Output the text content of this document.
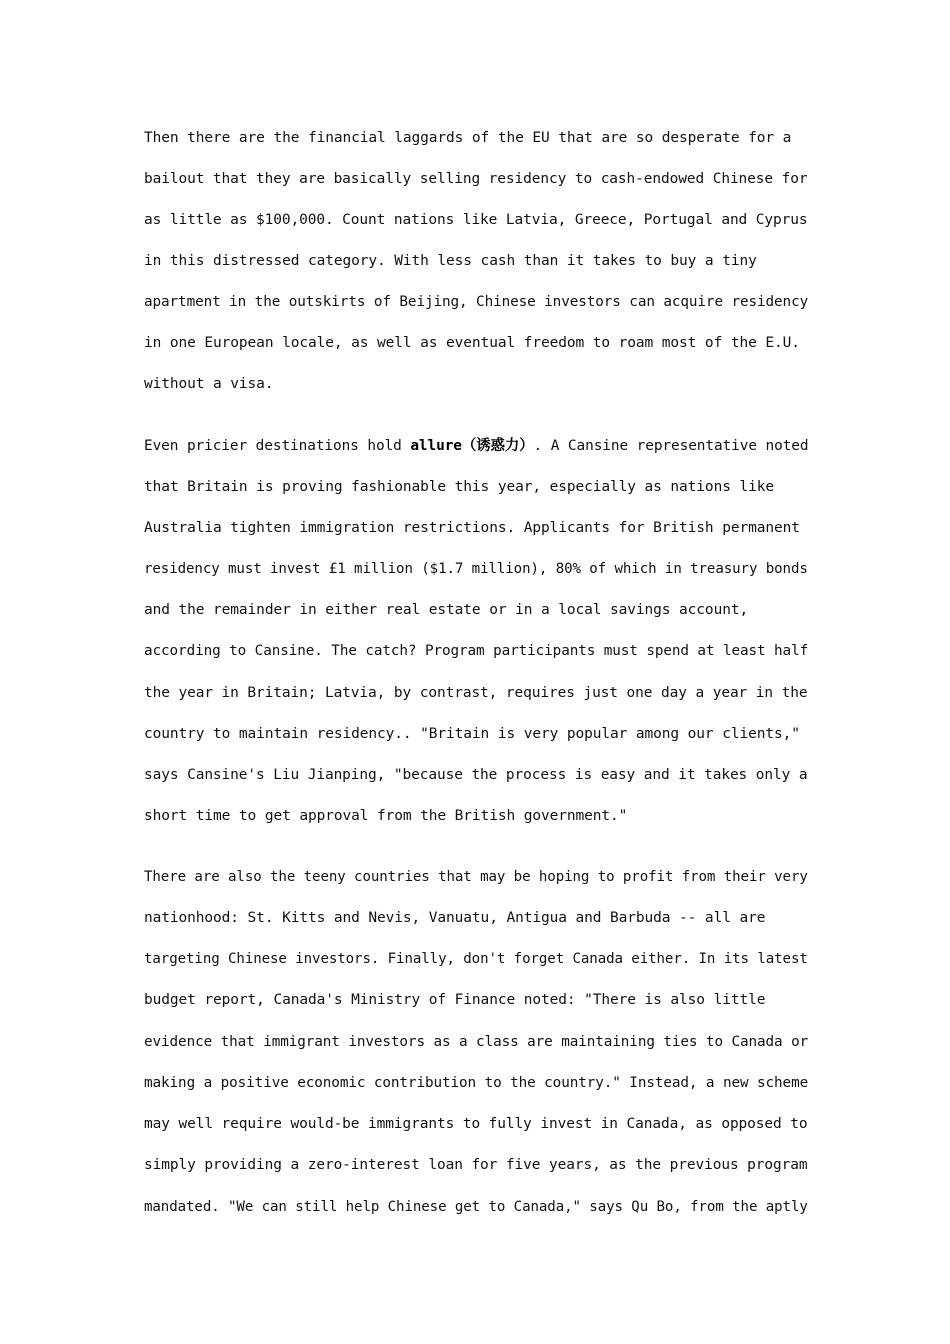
Then there are the financial laggards of the EU that are so desperate for a
bailout that they are basically selling residency to cash-endowed Chinese for
as little as $100,000. Count nations like Latvia, Greece, Portugal and Cyprus
in this distressed category. With less cash than it takes to buy a tiny
apartment in the outskirts of Beijing, Chinese investors can acquire residency
in one European locale, as well as eventual freedom to roam most of the E.U.
without a visa.
Even pricier destinations hold allure（诱惑力）. A Cansine representative noted
that Britain is proving fashionable this year, especially as nations like
Australia tighten immigration restrictions. Applicants for British permanent
residency must invest £1 million ($1.7 million), 80% of which in treasury bonds
and the remainder in either real estate or in a local savings account,
according to Cansine. The catch? Program participants must spend at least half
the year in Britain; Latvia, by contrast, requires just one day a year in the
country to maintain residency.. "Britain is very popular among our clients,"
says Cansine's Liu Jianping, "because the process is easy and it takes only a
short time to get approval from the British government."
There are also the teeny countries that may be hoping to profit from their very
nationhood: St. Kitts and Nevis, Vanuatu, Antigua and Barbuda -- all are
targeting Chinese investors. Finally, don't forget Canada either. In its latest
budget report, Canada's Ministry of Finance noted: "There is also little
evidence that immigrant investors as a class are maintaining ties to Canada or
making a positive economic contribution to the country." Instead, a new scheme
may well require would-be immigrants to fully invest in Canada, as opposed to
simply providing a zero-interest loan for five years, as the previous program
mandated. "We can still help Chinese get to Canada," says Qu Bo, from the aptly
